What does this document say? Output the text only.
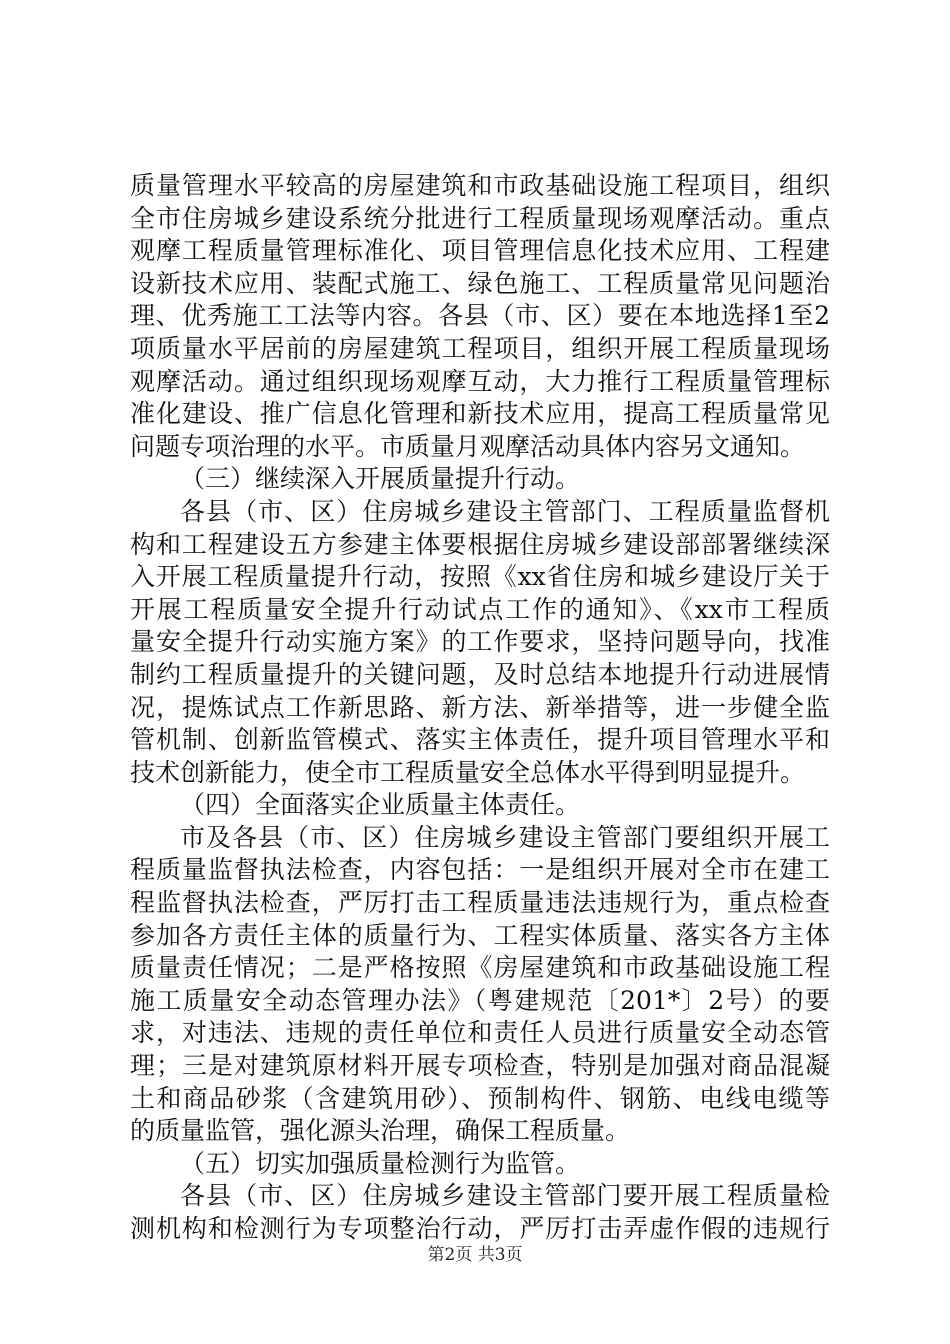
质量管理水平较高的房屋建筑和市政基础设施工程项目，组织
全市住房城乡建设系统分批进行工程质量现场观摩活动。重点
观摩工程质量管理标准化、项目管理信息化技术应用、工程建
设新技术应用、装配式施工、绿色施工、工程质量常见问题治
理、优秀施工工法等内容。各县（市、区）要在本地选择1至2
项质量水平居前的房屋建筑工程项目，组织开展工程质量现场
观摩活动。通过组织现场观摩互动，大力推行工程质量管理标
准化建设、推广信息化管理和新技术应用，提高工程质量常见
问题专项治理的水平。市质量月观摩活动具体内容另文通知。
（三）继续深入开展质量提升行动。
各县（市、区）住房城乡建设主管部门、工程质量监督机
构和工程建设五方参建主体要根据住房城乡建设部部署继续深
入开展工程质量提升行动，按照《xx省住房和城乡建设厅关于
开展工程质量安全提升行动试点工作的通知》、《xx市工程质
量安全提升行动实施方案》的工作要求，坚持问题导向，找准
制约工程质量提升的关键问题，及时总结本地提升行动进展情
况，提炼试点工作新思路、新方法、新举措等，进一步健全监
管机制、创新监管模式、落实主体责任，提升项目管理水平和
技术创新能力，使全市工程质量安全总体水平得到明显提升。
（四）全面落实企业质量主体责任。
市及各县（市、区）住房城乡建设主管部门要组织开展工
程质量监督执法检查，内容包括：一是组织开展对全市在建工
程监督执法检查，严厉打击工程质量违法违规行为，重点检查
参加各方责任主体的质量行为、工程实体质量、落实各方主体
质量责任情况；二是严格按照《房屋建筑和市政基础设施工程
施工质量安全动态管理办法》（粤建规范〔201*〕2号）的要
求，对违法、违规的责任单位和责任人员进行质量安全动态管
理；三是对建筑原材料开展专项检查，特别是加强对商品混凝
土和商品砂浆（含建筑用砂）、预制构件、钢筋、电线电缆等
的质量监管，强化源头治理，确保工程质量。
（五）切实加强质量检测行为监管。
各县（市、区）住房城乡建设主管部门要开展工程质量检
测机构和检测行为专项整治行动，严厉打击弄虚作假的违规行
第2页 共3页
